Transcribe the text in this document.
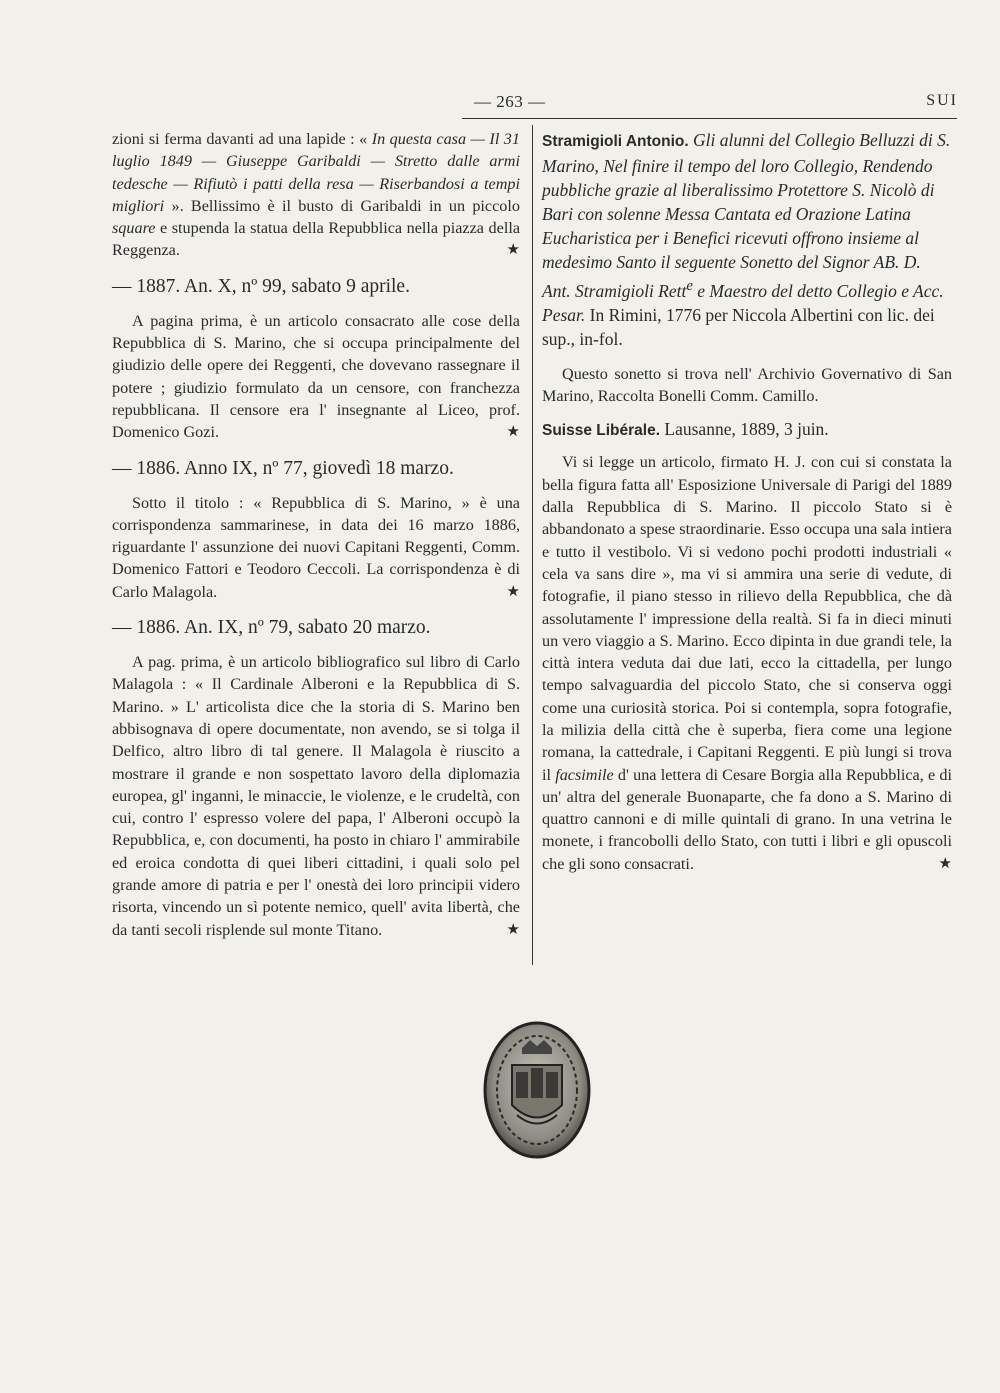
— 263 —	SUI

zioni si ferma davanti ad una lapide : « In questa casa — Il 31 luglio 1849 — Giuseppe Garibaldi — Stretto dalle armi tedesche — Rifiutò i patti della resa — Riserbandosi a tempi migliori ». Bellissimo è il busto di Garibaldi in un piccolo square e stupenda la statua della Repubblica nella piazza della Reggenza.	★

— 1887. An. X, nº 99, sabato 9 aprile.

A pagina prima, è un articolo consacrato alle cose della Repubblica di S. Marino, che si occupa principalmente del giudizio delle opere dei Reggenti, che dovevano rassegnare il potere ; giudizio formulato da un censore, con franchezza repubblicana. Il censore era l' insegnante al Liceo, prof. Domenico Gozi.	★

— 1886. Anno IX, nº 77, giovedì 18 marzo.

Sotto il titolo : « Repubblica di S. Marino, » è una corrispondenza sammarinese, in data dei 16 marzo 1886, riguardante l' assunzione dei nuovi Capitani Reggenti, Comm. Domenico Fattori e Teodoro Ceccoli. La corrispondenza è di Carlo Malagola.	★

— 1886. An. IX, nº 79, sabato 20 marzo.

A pag. prima, è un articolo bibliografico sul libro di Carlo Malagola : « Il Cardinale Alberoni e la Repubblica di S. Marino. » L' articolista dice che la storia di S. Marino ben abbisognava di opere documentate, non avendo, se si tolga il Delfico, altro libro di tal genere. Il Malagola è riuscito a mostrare il grande e non sospettato lavoro della diplomazia europea, gl' inganni, le minaccie, le violenze, e le crudeltà, con cui, contro l' espresso volere del papa, l' Alberoni occupò la Repubblica, e, con documenti, ha posto in chiaro l' ammirabile ed eroica condotta di quei liberi cittadini, i quali solo pel grande amore di patria e per l' onestà dei loro principii videro risorta, vincendo un sì potente nemico, quell' avita libertà, che da tanti secoli risplende sul monte Titano.	★

Stramigioli Antonio. Gli alunni del Collegio Belluzzi di S. Marino, Nel finire il tempo del loro Collegio, Rendendo pubbliche grazie al liberalissimo Protettore S. Nicolò di Bari con solenne Messa Cantata ed Orazione Latina Eucharistica per i Benefici ricevuti offrono insieme al medesimo Santo il seguente Sonetto del Signor AB. D. Ant. Stramigioli Rett$^e$ e Maestro del detto Collegio e Acc. Pesar. In Rimini, 1776 per Niccola Albertini con lic. dei sup., in-fol.

Questo sonetto si trova nell' Archivio Governativo di San Marino, Raccolta Bonelli Comm. Camillo.

Suisse Libérale. Lausanne, 1889, 3 juin.

Vi si legge un articolo, firmato H. J. con cui si constata la bella figura fatta all' Esposizione Universale di Parigi del 1889 dalla Repubblica di S. Marino. Il piccolo Stato si è abbandonato a spese straordinarie. Esso occupa una sala intiera e tutto il vestibolo. Vi si vedono pochi prodotti industriali « cela va sans dire », ma vi si ammira una serie di vedute, di fotografie, il piano stesso in rilievo della Repubblica, che dà assolutamente l' impressione della realtà. Si fa in dieci minuti un vero viaggio a S. Marino. Ecco dipinta in due grandi tele, la città intera veduta dai due lati, ecco la cittadella, per lungo tempo salvaguardia del piccolo Stato, che si conserva oggi come una curiosità storica. Poi si contempla, sopra fotografie, la milizia della città che è superba, fiera come una legione romana, la cattedrale, i Capitani Reggenti. E più lungi si trova il facsimile d' una lettera di Cesare Borgia alla Repubblica, e di un' altra del generale Buonaparte, che fa dono a S. Marino di quattro cannoni e di mille quintali di grano. In una vetrina le monete, i francobolli dello Stato, con tutti i libri e gli opuscoli che gli sono consacrati.	★
